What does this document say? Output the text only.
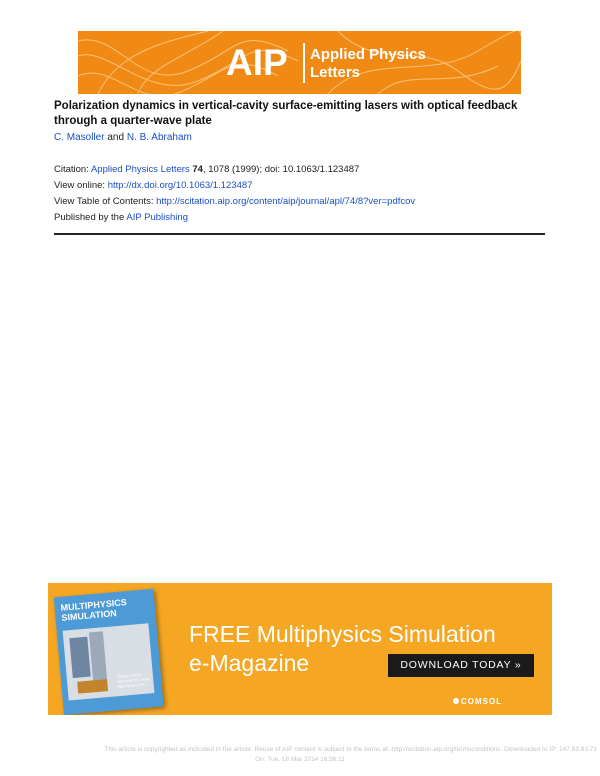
AIP Applied Physics
Letters
Polarization dynamics in vertical-cavity surface-emitting lasers with optical feedback through a quarter-wave plate
C. Masoller and N. B. Abraham
Citation: Applied Physics Letters 74, 1078 (1999); doi: 10.1063/1.123487
View online: http://dx.doi.org/10.1063/1.123487
View Table of Contents: http://scitation.aip.org/content/aip/journal/apl/74/8?ver=pdfcov
Published by the AIP Publishing
MULTIPHYSICS SIMULATION
SIMULATION ADVANCES HOW WE INNOVATE
FREE Multiphysics Simulation
e-Magazine	DOWNLOAD TODAY »
COMSOL
This article is copyrighted as indicated in the article. Reuse of AIP content is subject to the terms at: http://scitation.aip.org/termsconditions. Downloaded to IP: 147.83.83.71
On: Tue, 18 Mar 2014 16:56:11
